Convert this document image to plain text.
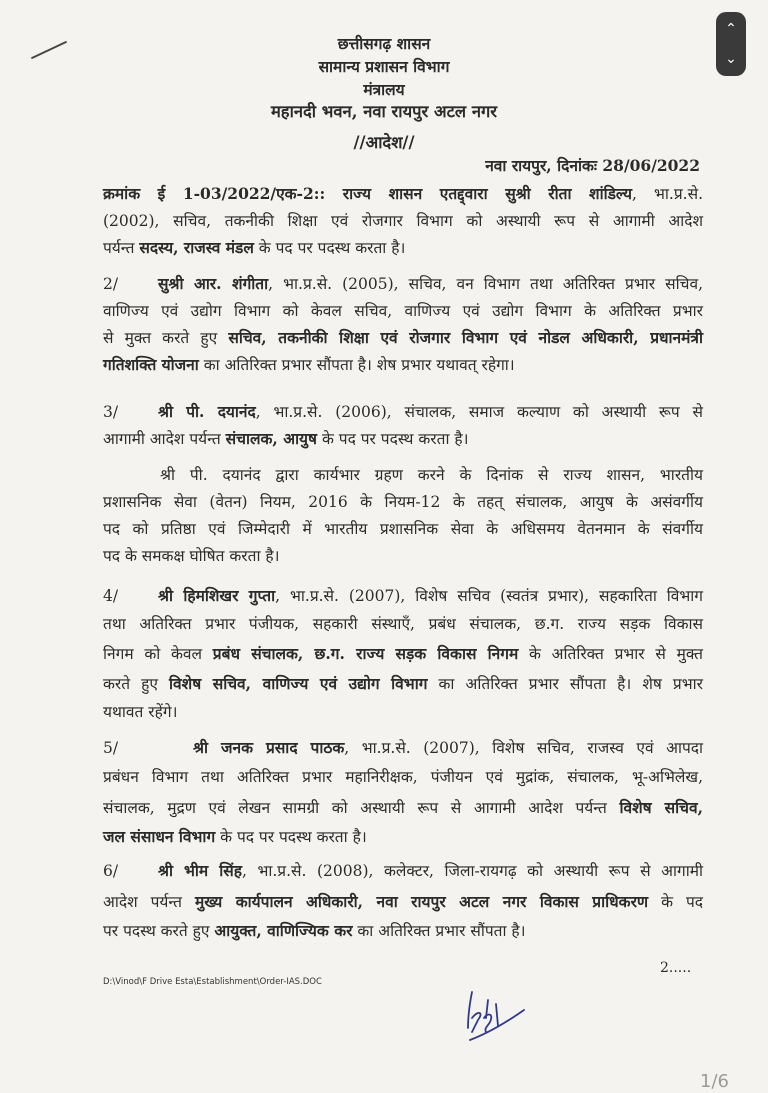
⌃
⌄
छत्तीसगढ़ शासन
सामान्य प्रशासन विभाग
मंत्रालय
महानदी भवन, नवा रायपुर अटल नगर
//आदेश//
नवा रायपुर, दिनांकः 28/06/2022
क्रमांक ई 1-03/2022/एक-2:: राज्य शासन एतद्द्वारा सुश्री रीता शांडिल्य, भा.प्र.से.
(2002), सचिव, तकनीकी शिक्षा एवं रोजगार विभाग को अस्थायी रूप से आगामी आदेश
पर्यन्त सदस्य, राजस्व मंडल के पद पर पदस्थ करता है।
2/	सुश्री आर. शंगीता, भा.प्र.से. (2005), सचिव, वन विभाग तथा अतिरिक्त प्रभार सचिव,
वाणिज्य एवं उद्योग विभाग को केवल सचिव, वाणिज्य एवं उद्योग विभाग के अतिरिक्त प्रभार
से मुक्त करते हुए सचिव, तकनीकी शिक्षा एवं रोजगार विभाग एवं नोडल अधिकारी, प्रधानमंत्री
गतिशक्ति योजना का अतिरिक्त प्रभार सौंपता है। शेष प्रभार यथावत् रहेगा।
3/	श्री पी. दयानंद, भा.प्र.से. (2006), संचालक, समाज कल्याण को अस्थायी रूप से
आगामी आदेश पर्यन्त संचालक, आयुष के पद पर पदस्थ करता है।
श्री पी. दयानंद द्वारा कार्यभार ग्रहण करने के दिनांक से राज्य शासन, भारतीय
प्रशासनिक सेवा (वेतन) नियम, 2016 के नियम-12 के तहत् संचालक, आयुष के असंवर्गीय
पद को प्रतिष्ठा एवं जिम्मेदारी में भारतीय प्रशासनिक सेवा के अधिसमय वेतनमान के संवर्गीय
पद के समकक्ष घोषित करता है।
4/	श्री हिमशिखर गुप्ता, भा.प्र.से. (2007), विशेष सचिव (स्वतंत्र प्रभार), सहकारिता विभाग
तथा अतिरिक्त प्रभार पंजीयक, सहकारी संस्थाएँ, प्रबंध संचालक, छ.ग. राज्य सड़क विकास
निगम को केवल प्रबंध संचालक, छ.ग. राज्य सड़क विकास निगम के अतिरिक्त प्रभार से मुक्त
करते हुए विशेष सचिव, वाणिज्य एवं उद्योग विभाग का अतिरिक्त प्रभार सौंपता है। शेष प्रभार
यथावत रहेंगे।
5/	श्री जनक प्रसाद पाठक, भा.प्र.से. (2007), विशेष सचिव, राजस्व एवं आपदा
प्रबंधन विभाग तथा अतिरिक्त प्रभार महानिरीक्षक, पंजीयन एवं मुद्रांक, संचालक, भू-अभिलेख,
संचालक, मुद्रण एवं लेखन सामग्री को अस्थायी रूप से आगामी आदेश पर्यन्त विशेष सचिव,
जल संसाधन विभाग के पद पर पदस्थ करता है।
6/	श्री भीम सिंह, भा.प्र.से. (2008), कलेक्टर, जिला-रायगढ़ को अस्थायी रूप से आगामी
आदेश पर्यन्त मुख्य कार्यपालन अधिकारी, नवा रायपुर अटल नगर विकास प्राधिकरण के पद
पर पदस्थ करते हुए आयुक्त, वाणिज्यिक कर का अतिरिक्त प्रभार सौंपता है।
2.....
D:\Vinod\F Drive Esta\Establishment\Order-IAS.DOC
1/6
